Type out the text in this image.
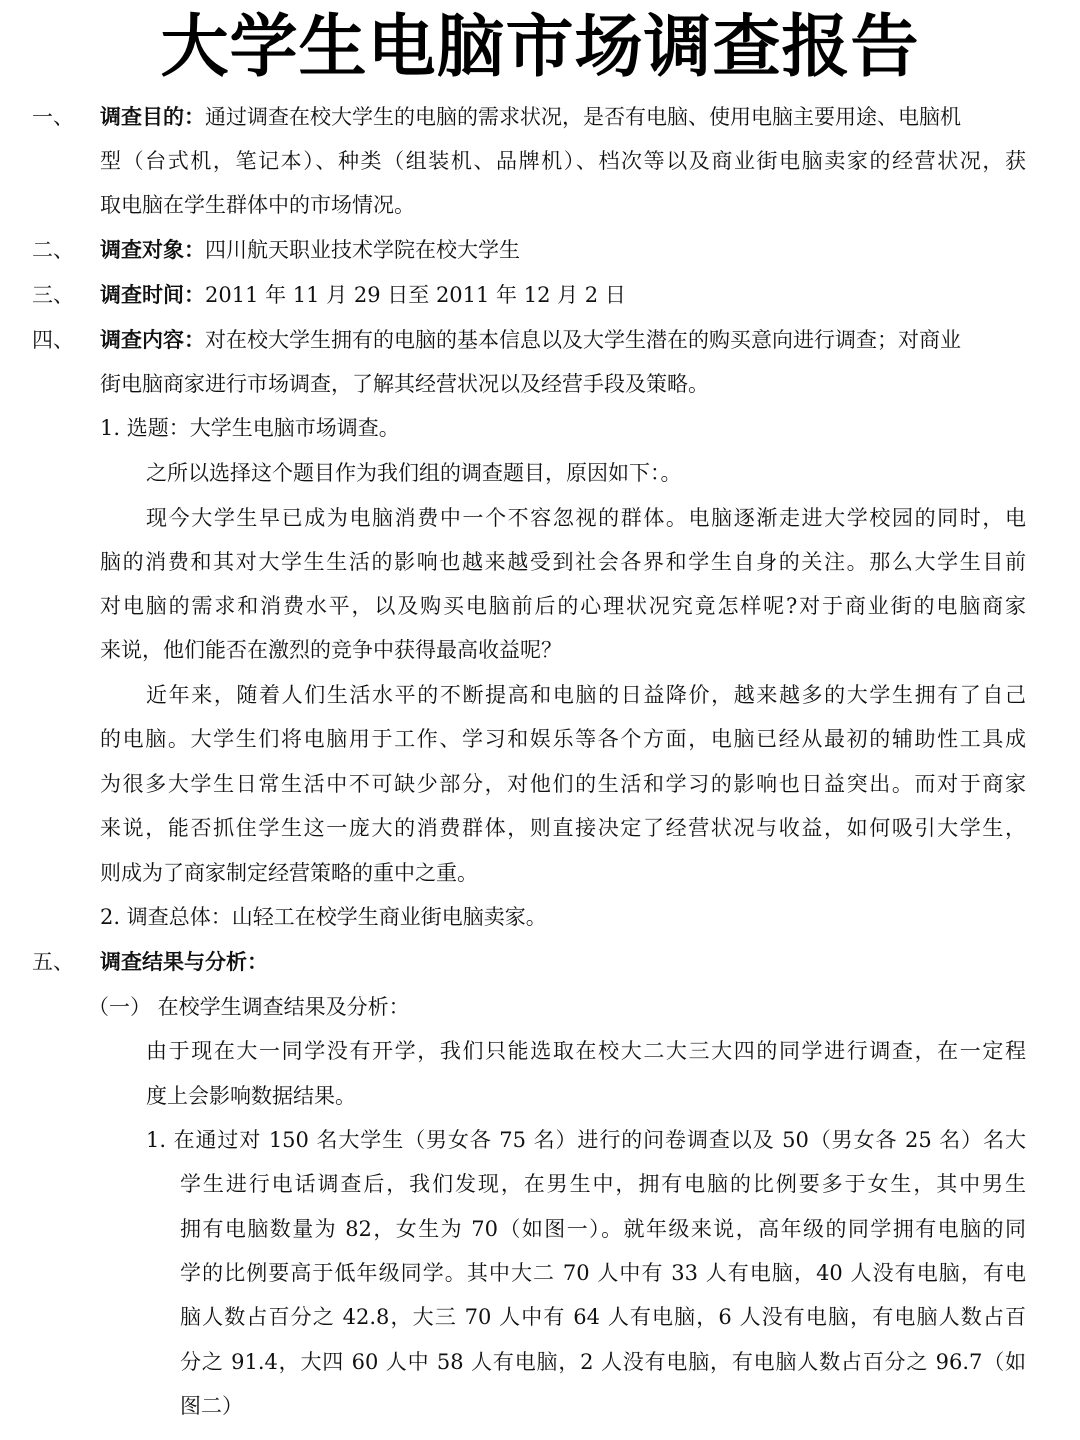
大学生电脑市场调查报告
一、 调查目的：通过调查在校大学生的电脑的需求状况，是否有电脑、使用电脑主要用途、电脑机
型（台式机，笔记本）、种类（组装机、品牌机）、档次等以及商业街电脑卖家的经营状况，获
取电脑在学生群体中的市场情况。
二、 调查对象：四川航天职业技术学院在校大学生
三、 调查时间：2011 年 11 月 29 日至 2011 年 12 月 2 日
四、 调查内容：对在校大学生拥有的电脑的基本信息以及大学生潜在的购买意向进行调查；对商业
街电脑商家进行市场调查，了解其经营状况以及经营手段及策略。
1. 选题：大学生电脑市场调查。
之所以选择这个题目作为我们组的调查题目，原因如下：。
现今大学生早已成为电脑消费中一个不容忽视的群体。电脑逐渐走进大学校园的同时，电
脑的消费和其对大学生生活的影响也越来越受到社会各界和学生自身的关注。那么大学生目前
对电脑的需求和消费水平，以及购买电脑前后的心理状况究竟怎样呢?对于商业街的电脑商家
来说，他们能否在激烈的竞争中获得最高收益呢？
近年来，随着人们生活水平的不断提高和电脑的日益降价，越来越多的大学生拥有了自己
的电脑。大学生们将电脑用于工作、学习和娱乐等各个方面，电脑已经从最初的辅助性工具成
为很多大学生日常生活中不可缺少部分，对他们的生活和学习的影响也日益突出。而对于商家
来说，能否抓住学生这一庞大的消费群体，则直接决定了经营状况与收益，如何吸引大学生，
则成为了商家制定经营策略的重中之重。
2. 调查总体：山轻工在校学生商业街电脑卖家。
五、 调查结果与分析：
（一） 在校学生调查结果及分析：
由于现在大一同学没有开学，我们只能选取在校大二大三大四的同学进行调查，在一定程
度上会影响数据结果。
1. 在通过对 150 名大学生（男女各 75 名）进行的问卷调查以及 50（男女各 25 名）名大
学生进行电话调查后，我们发现，在男生中，拥有电脑的比例要多于女生，其中男生
拥有电脑数量为 82，女生为 70（如图一）。就年级来说，高年级的同学拥有电脑的同
学的比例要高于低年级同学。其中大二 70 人中有 33 人有电脑，40 人没有电脑，有电
脑人数占百分之 42.8，大三 70 人中有 64 人有电脑，6 人没有电脑，有电脑人数占百
分之 91.4，大四 60 人中 58 人有电脑，2 人没有电脑，有电脑人数占百分之 96.7（如
图二）
